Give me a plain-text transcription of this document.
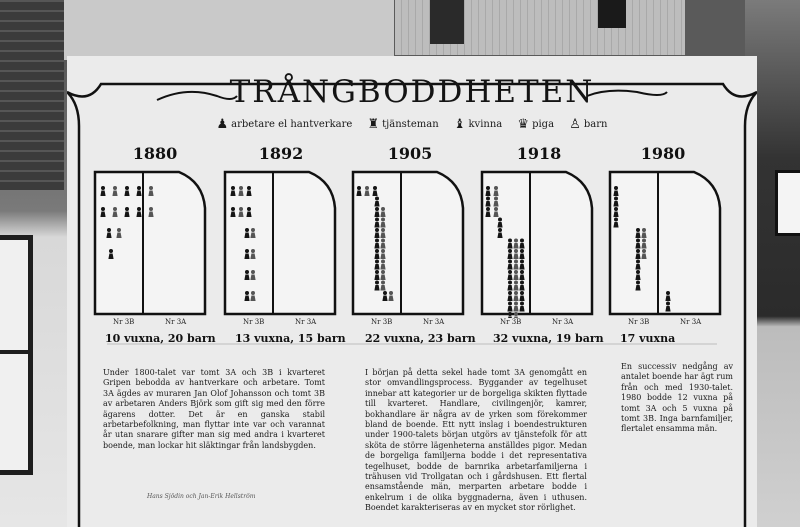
TRÅNGBODDHETEN
♟ arbetare el hantverkare ♜ tjänsteman ♝ kvinna ♛ piga ♙ barn
1880
Nr 3B	Nr 3A
10 vuxna, 20 barn
1892
Nr 3B	Nr 3A
13 vuxna, 15 barn
1905
Nr 3B	Nr 3A
22 vuxna, 23 barn
1918
Nr 3B	Nr 3A
32 vuxna, 19 barn
1980
Nr 3B	Nr 3A
17 vuxna
Under 1800-talet var tomt 3A och 3B i kvarteret Gripen bebodda av hantverkare och arbetare. Tomt 3A ägdes av muraren Jan Olof Johansson och tomt 3B av arbetaren Anders Björk som gift sig med den förre ägarens dotter. Det är en ganska stabil arbetarbefolkning, man flyttar inte var och varannat år utan snarare gifter man sig med andra i kvarteret boende, man lockar hit släktingar från landsbygden.
I början på detta sekel hade tomt 3A genomgått en stor omvandlingsprocess. Byggander av tegelhuset innebar att kategorier ur de borgeliga skikten flyttade till kvarteret. Handlare, civilingenjör, kamrer, bokhandlare är några av de yrken som förekommer bland de boende. Ett nytt inslag i boendestrukturen under 1900-talets början utgörs av tjänstefolk för att sköta de större lägenheterna anställdes pigor. Medan de borgeliga familjerna bodde i det representativa tegelhuset, bodde de barnrika arbetarfamiljerna i trähusen vid Trollgatan och i gårdshusen. Ett flertal ensamstående män, merparten arbetare bodde i enkelrum i de olika byggnaderna, även i uthusen. Boendet karakteriseras av en mycket stor rörlighet.
En successiv nedgång av antalet boende har ägt rum från och med 1930-talet. 1980 bodde 12 vuxna på tomt 3A och 5 vuxna på tomt 3B. Inga barnfamiljer, flertalet ensamma män.
Hans Sjödin och Jan-Erik Hellström
